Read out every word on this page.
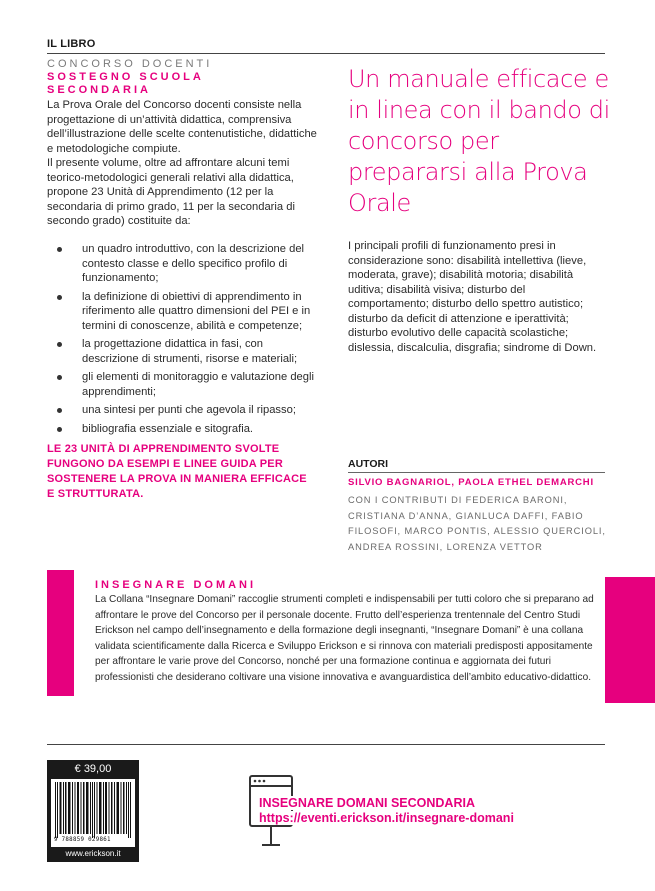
IL LIBRO
CONCORSO DOCENTI
SOSTEGNO SCUOLA SECONDARIA

La Prova Orale del Concorso docenti consiste nella progettazione di un’attività didattica, comprensiva dell’illustrazione delle scelte contenutistiche, didattiche e metodologiche compiute.

Il presente volume, oltre ad affrontare alcuni temi teorico-metodologici generali relativi alla didattica, propone 23 Unità di Apprendimento (12 per la secondaria di primo grado, 11 per la secondaria di secondo grado) costituite da:

un quadro introduttivo, con la descrizione del contesto classe e dello specifico profilo di funzionamento;
la definizione di obiettivi di apprendimento in riferimento alle quattro dimensioni del PEI e in termini di conoscenze, abilità e competenze;
la progettazione didattica in fasi, con descrizione di strumenti, risorse e materiali;
gli elementi di monitoraggio e valutazione degli apprendimenti;
una sintesi per punti che agevola il ripasso;
bibliografia essenziale e sitografia.
LE 23 UNITÀ DI APPRENDIMENTO SVOLTE FUNGONO DA ESEMPI E LINEE GUIDA PER SOSTENERE LA PROVA IN MANIERA EFFICACE E STRUTTURATA.
Un manuale efficace e in linea con il bando di concorso per prepararsi alla Prova Orale
I principali profili di funzionamento presi in considerazione sono: disabilità intellettiva (lieve, moderata, grave); disabilità motoria; disabilità uditiva; disabilità visiva; disturbo del comportamento; disturbo dello spettro autistico; disturbo da deficit di attenzione e iperattività; disturbo evolutivo delle capacità scolastiche; dislessia, discalculia, disgrafia; sindrome di Down.
AUTORI
SILVIO BAGNARIOL, PAOLA ETHEL DEMARCHI
CON I CONTRIBUTI DI FEDERICA BARONI, CRISTIANA D’ANNA, GIANLUCA DAFFI, FABIO FILOSOFI, MARCO PONTIS, ALESSIO QUERCIOLI, ANDREA ROSSINI, LORENZA VETTOR
INSEGNARE DOMANI
La Collana “Insegnare Domani” raccoglie strumenti completi e indispensabili per tutti coloro che si preparano ad affrontare le prove del Concorso per il personale docente. Frutto dell’esperienza trentennale del Centro Studi Erickson nel campo dell’insegnamento e della formazione degli insegnanti, “Insegnare Domani” è una collana validata scientificamente dalla Ricerca e Sviluppo Erickson e si rinnova con materiali predisposti appositamente per affrontare le varie prove del Concorso, nonché per una formazione continua e aggiornata dei futuri professionisti che desiderano coltivare una visione innovativa e avanguardistica dell’ambito educativo-didattico.
€ 39,00
9 788859 029861
www.erickson.it
INSEGNARE DOMANI SECONDARIA
https://eventi.erickson.it/insegnare-domani
